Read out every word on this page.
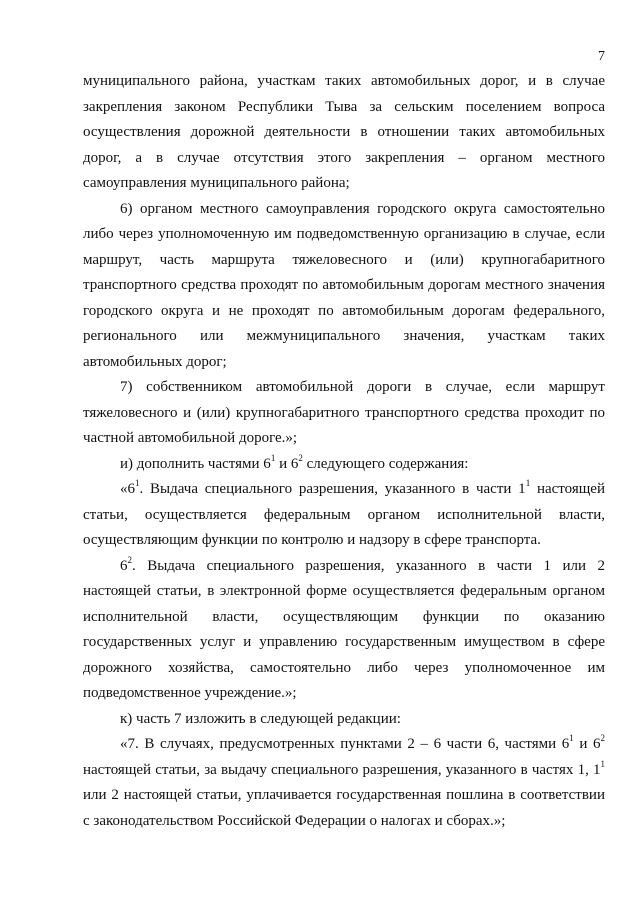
7

муниципального района, участкам таких автомобильных дорог, и в случае закрепления законом Республики Тыва за сельским поселением вопроса осуществления дорожной деятельности в отношении таких автомобильных дорог, а в случае отсутствия этого закрепления – органом местного самоуправления муниципального района;

6) органом местного самоуправления городского округа самостоятельно либо через уполномоченную им подведомственную организацию в случае, если маршрут, часть маршрута тяжеловесного и (или) крупногабаритного транспортного средства проходят по автомобильным дорогам местного значения городского округа и не проходят по автомобильным дорогам федерального, регионального или межмуниципального значения, участкам таких автомобильных дорог;

7) собственником автомобильной дороги в случае, если маршрут тяжеловесного и (или) крупногабаритного транспортного средства проходит по частной автомобильной дороге.»;

и) дополнить частями $6^1$ и $6^2$ следующего содержания:

«$6^1$. Выдача специального разрешения, указанного в части $1^1$ настоящей статьи, осуществляется федеральным органом исполнительной власти, осуществляющим функции по контролю и надзору в сфере транспорта.

$6^2$. Выдача специального разрешения, указанного в части 1 или 2 настоящей статьи, в электронной форме осуществляется федеральным органом исполнительной власти, осуществляющим функции по оказанию государственных услуг и управлению государственным имуществом в сфере дорожного хозяйства, самостоятельно либо через уполномоченное им подведомственное учреждение.»;

к) часть 7 изложить в следующей редакции:

«7. В случаях, предусмотренных пунктами 2 – 6 части 6, частями $6^1$ и $6^2$ настоящей статьи, за выдачу специального разрешения, указанного в частях 1, $1^1$ или 2 настоящей статьи, уплачивается государственная пошлина в соответствии с законодательством Российской Федерации о налогах и сборах.»;
